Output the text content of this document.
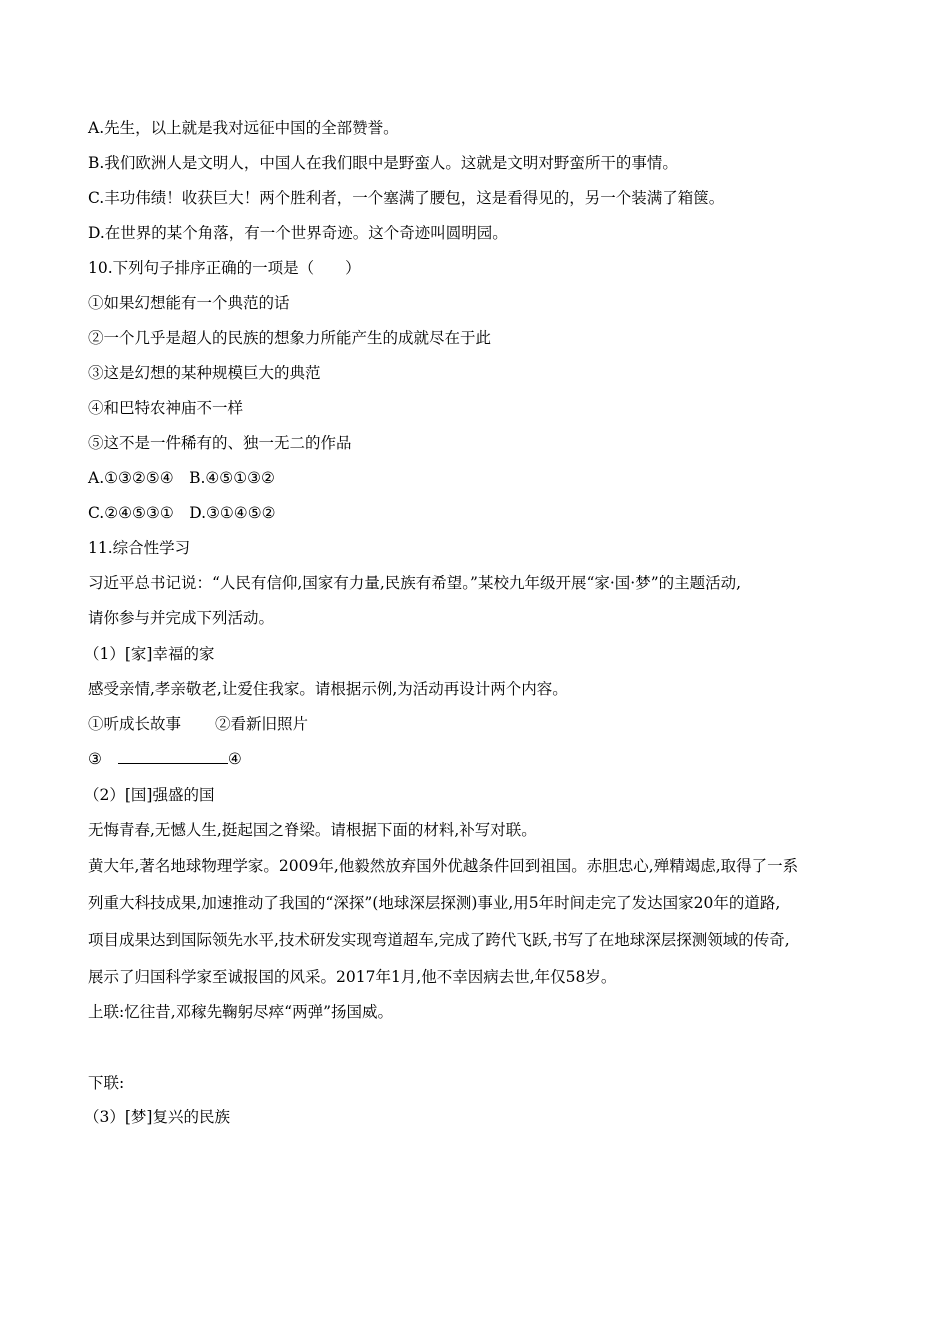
A.先生，以上就是我对远征中国的全部赞誉。
B.我们欧洲人是文明人，中国人在我们眼中是野蛮人。这就是文明对野蛮所干的事情。
C.丰功伟绩！收获巨大！两个胜利者，一个塞满了腰包，这是看得见的，另一个装满了箱箧。
D.在世界的某个角落，有一个世界奇迹。这个奇迹叫圆明园。
10.下列句子排序正确的一项是（　　）
①如果幻想能有一个典范的话
②一个几乎是超人的民族的想象力所能产生的成就尽在于此
③这是幻想的某种规模巨大的典范
④和巴特农神庙不一样
⑤这不是一件稀有的、独一无二的作品
A.①③②⑤④　B.④⑤①③②
C.②④⑤③①　D.③①④⑤②
11.综合性学习
习近平总书记说：“人民有信仰,国家有力量,民族有希望。”某校九年级开展“家·国·梦”的主题活动,
请你参与并完成下列活动。
（1）[家]幸福的家
感受亲情,孝亲敬老,让爱住我家。请根据示例,为活动再设计两个内容。
①听成长故事 ②看新旧照片
③	④
（2）[国]强盛的国
无悔青春,无憾人生,挺起国之脊梁。请根据下面的材料,补写对联。
黄大年,著名地球物理学家。2009年,他毅然放弃国外优越条件回到祖国。赤胆忠心,殚精竭虑,取得了一系
列重大科技成果,加速推动了我国的“深探”(地球深层探测)事业,用5年时间走完了发达国家20年的道路,
项目成果达到国际领先水平,技术研发实现弯道超车,完成了跨代飞跃,书写了在地球深层探测领域的传奇,
展示了归国科学家至诚报国的风采。2017年1月,他不幸因病去世,年仅58岁。
上联:忆往昔,邓稼先鞠躬尽瘁“两弹”扬国威。
下联:
（3）[梦]复兴的民族
